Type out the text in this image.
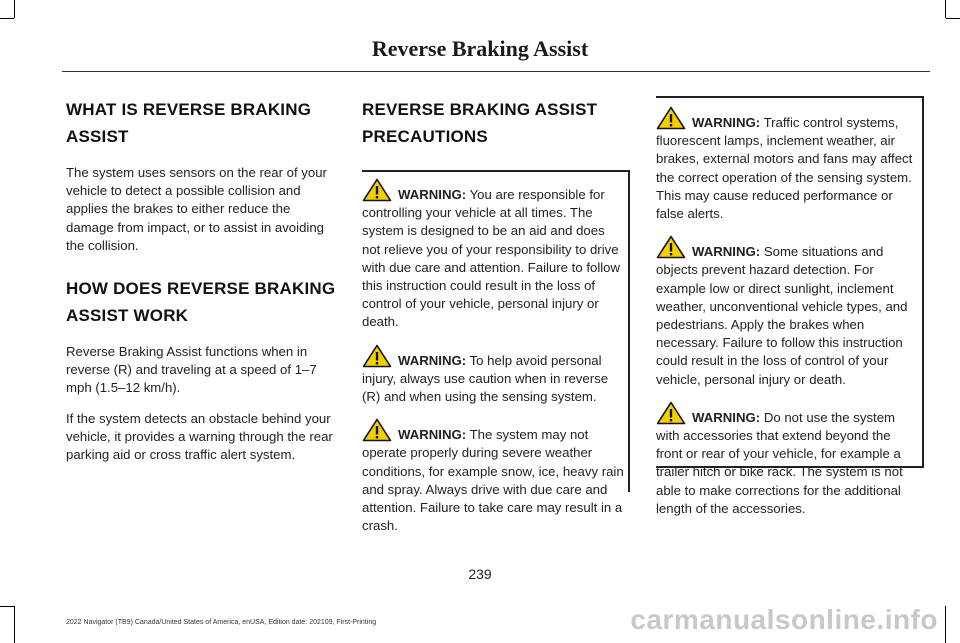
Reverse Braking Assist
WHAT IS REVERSE BRAKING ASSIST

The system uses sensors on the rear of your vehicle to detect a possible collision and applies the brakes to either reduce the damage from impact, or to assist in avoiding the collision.

HOW DOES REVERSE BRAKING ASSIST WORK

Reverse Braking Assist functions when in reverse (R) and traveling at a speed of 1–7 mph (1.5–12 km/h).

If the system detects an obstacle behind your vehicle, it provides a warning through the rear parking aid or cross traffic alert system.

REVERSE BRAKING ASSIST PRECAUTIONS

WARNING: You are responsible for controlling your vehicle at all times. The system is designed to be an aid and does not relieve you of your responsibility to drive with due care and attention. Failure to follow this instruction could result in the loss of control of your vehicle, personal injury or death.

WARNING: To help avoid personal injury, always use caution when in reverse (R) and when using the sensing system.

WARNING: The system may not operate properly during severe weather conditions, for example snow, ice, heavy rain and spray. Always drive with due care and attention. Failure to take care may result in a crash.

WARNING: Traffic control systems, fluorescent lamps, inclement weather, air brakes, external motors and fans may affect the correct operation of the sensing system. This may cause reduced performance or false alerts.

WARNING: Some situations and objects prevent hazard detection. For example low or direct sunlight, inclement weather, unconventional vehicle types, and pedestrians. Apply the brakes when necessary. Failure to follow this instruction could result in the loss of control of your vehicle, personal injury or death.

WARNING: Do not use the system with accessories that extend beyond the front or rear of your vehicle, for example a trailer hitch or bike rack. The system is not able to make corrections for the additional length of the accessories.

239
2022 Navigator (TB9) Canada/United States of America, enUSA, Edition date: 202109, First-Printing	carmanualsonline.info
